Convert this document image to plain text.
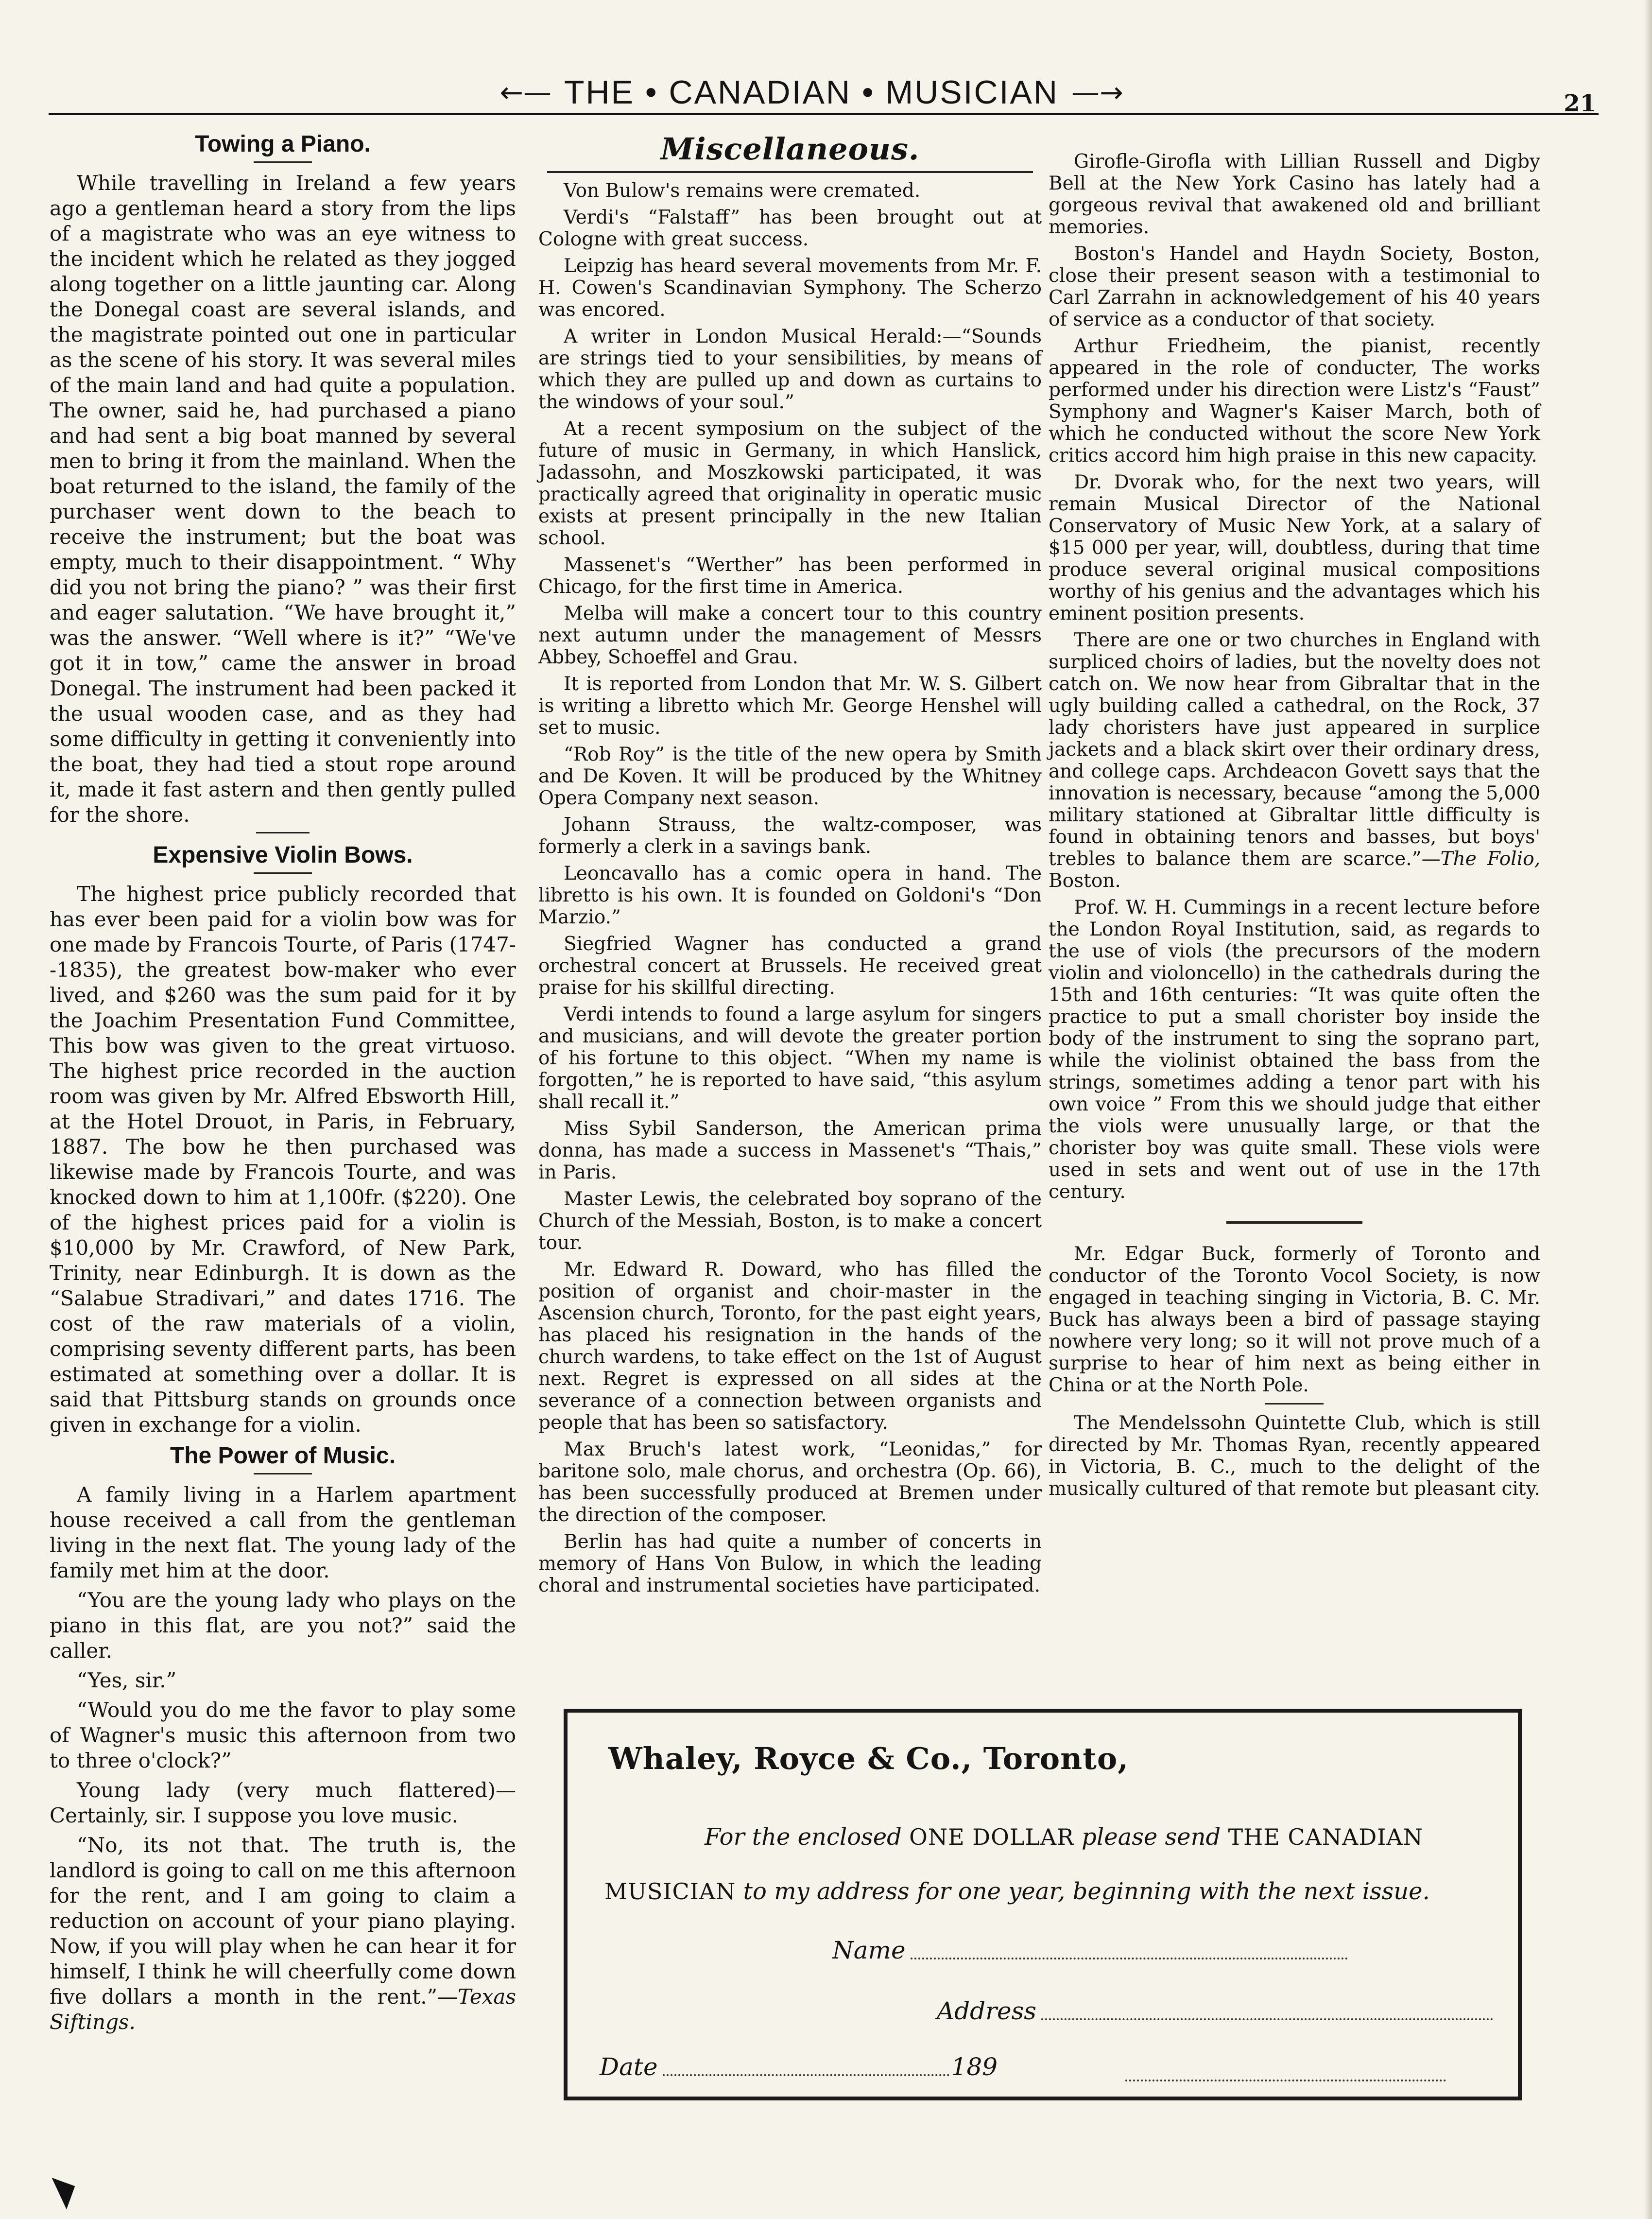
←— THE • CANADIAN • MUSICIAN —→	21
Towing a Piano.

While travelling in Ireland a few years ago a gentleman heard a story from the lips of a magistrate who was an eye witness to the incident which he related as they jogged along together on a little jaunting car. Along the Donegal coast are several islands, and the magistrate pointed out one in particular as the scene of his story. It was several miles of the main land and had quite a population. The owner, said he, had purchased a piano and had sent a big boat manned by several men to bring it from the mainland. When the boat returned to the island, the family of the purchaser went down to the beach to receive the instrument; but the boat was empty, much to their disappointment. “ Why did you not bring the piano? ” was their first and eager salutation. “We have brought it,” was the answer. “Well where is it?” “We've got it in tow,” came the answer in broad Donegal. The instrument had been packed it the usual wooden case, and as they had some difficulty in getting it conveniently into the boat, they had tied a stout rope around it, made it fast astern and then gently pulled for the shore.

Expensive Violin Bows.

The highest price publicly recorded that has ever been paid for a violin bow was for one made by Francois Tourte, of Paris (1747--1835), the greatest bow-maker who ever lived, and $260 was the sum paid for it by the Joachim Presentation Fund Committee, This bow was given to the great virtuoso. The highest price recorded in the auction room was given by Mr. Alfred Ebsworth Hill, at the Hotel Drouot, in Paris, in February, 1887. The bow he then purchased was likewise made by Francois Tourte, and was knocked down to him at 1,100fr. ($220). One of the highest prices paid for a violin is $10,000 by Mr. Crawford, of New Park, Trinity, near Edinburgh. It is down as the “Salabue Stradivari,” and dates 1716. The cost of the raw materials of a violin, comprising seventy different parts, has been estimated at something over a dollar. It is said that Pittsburg stands on grounds once given in exchange for a violin.

The Power of Music.

A family living in a Harlem apartment house received a call from the gentleman living in the next flat. The young lady of the family met him at the door.

“You are the young lady who plays on the piano in this flat, are you not?” said the caller.

“Yes, sir.”

“Would you do me the favor to play some of Wagner's music this afternoon from two to three o'clock?”

Young lady (very much flattered)—Certainly, sir. I suppose you love music.

“No, its not that. The truth is, the landlord is going to call on me this afternoon for the rent, and I am going to claim a reduction on account of your piano playing. Now, if you will play when he can hear it for himself, I think he will cheerfully come down five dollars a month in the rent.”—Texas Siftings.

Miscellaneous.

Von Bulow's remains were cremated.

Verdi's “Falstaff” has been brought out at Cologne with great success.

Leipzig has heard several movements from Mr. F. H. Cowen's Scandinavian Symphony. The Scherzo was encored.

A writer in London Musical Herald:—“Sounds are strings tied to your sensibilities, by means of which they are pulled up and down as curtains to the windows of your soul.”

At a recent symposium on the subject of the future of music in Germany, in which Hanslick, Jadassohn, and Moszkowski participated, it was practically agreed that originality in operatic music exists at present principally in the new Italian school.

Massenet's “Werther” has been performed in Chicago, for the first time in America.

Melba will make a concert tour to this country next autumn under the management of Messrs Abbey, Schoeffel and Grau.

It is reported from London that Mr. W. S. Gilbert is writing a libretto which Mr. George Henshel will set to music.

“Rob Roy” is the title of the new opera by Smith and De Koven. It will be produced by the Whitney Opera Company next season.

Johann Strauss, the waltz-composer, was formerly a clerk in a savings bank.

Leoncavallo has a comic opera in hand. The libretto is his own. It is founded on Goldoni's “Don Marzio.”

Siegfried Wagner has conducted a grand orchestral concert at Brussels. He received great praise for his skillful directing.

Verdi intends to found a large asylum for singers and musicians, and will devote the greater portion of his fortune to this object. “When my name is forgotten,” he is reported to have said, “this asylum shall recall it.”

Miss Sybil Sanderson, the American prima donna, has made a success in Massenet's “Thais,” in Paris.

Master Lewis, the celebrated boy soprano of the Church of the Messiah, Boston, is to make a concert tour.

Mr. Edward R. Doward, who has filled the position of organist and choir-master in the Ascension church, Toronto, for the past eight years, has placed his resignation in the hands of the church wardens, to take effect on the 1st of August next. Regret is expressed on all sides at the severance of a connection between organists and people that has been so satisfactory.

Max Bruch's latest work, “Leonidas,” for baritone solo, male chorus, and orchestra (Op. 66), has been successfully produced at Bremen under the direction of the composer.

Berlin has had quite a number of concerts in memory of Hans Von Bulow, in which the leading choral and instrumental societies have participated.

Girofle-Girofla with Lillian Russell and Digby Bell at the New York Casino has lately had a gorgeous revival that awakened old and brilliant memories.

Boston's Handel and Haydn Society, Boston, close their present season with a testimonial to Carl Zarrahn in acknowledgement of his 40 years of service as a conductor of that society.

Arthur Friedheim, the pianist, recently appeared in the role of conducter, The works performed under his direction were Listz's “Faust” Symphony and Wagner's Kaiser March, both of which he conducted without the score New York critics accord him high praise in this new capacity.

Dr. Dvorak who, for the next two years, will remain Musical Director of the National Conservatory of Music New York, at a salary of $15 000 per year, will, doubtless, during that time produce several original musical compositions worthy of his genius and the advantages which his eminent position presents.

There are one or two churches in England with surpliced choirs of ladies, but the novelty does not catch on. We now hear from Gibraltar that in the ugly building called a cathedral, on the Rock, 37 lady choristers have just appeared in surplice jackets and a black skirt over their ordinary dress, and college caps. Archdeacon Govett says that the innovation is necessary, because “among the 5,000 military stationed at Gibraltar little difficulty is found in obtaining tenors and basses, but boys' trebles to balance them are scarce.”—The Folio, Boston.

Prof. W. H. Cummings in a recent lecture before the London Royal Institution, said, as regards to the use of viols (the precursors of the modern violin and violoncello) in the cathedrals during the 15th and 16th centuries: “It was quite often the practice to put a small chorister boy inside the body of the instrument to sing the soprano part, while the violinist obtained the bass from the strings, sometimes adding a tenor part with his own voice ” From this we should judge that either the viols were unusually large, or that the chorister boy was quite small. These viols were used in sets and went out of use in the 17th century.

Mr. Edgar Buck, formerly of Toronto and conductor of the Toronto Vocol Society, is now engaged in teaching singing in Victoria, B. C. Mr. Buck has always been a bird of passage staying nowhere very long; so it will not prove much of a surprise to hear of him next as being either in China or at the North Pole.

The Mendelssohn Quintette Club, which is still directed by Mr. Thomas Ryan, recently appeared in Victoria, B. C., much to the delight of the musically cultured of that remote but pleasant city.

Whaley, Royce & Co., Toronto,
For the enclosed ONE DOLLAR please send THE CANADIAN
MUSICIAN to my address for one year, beginning with the next issue.
Name
Address
Date	189
